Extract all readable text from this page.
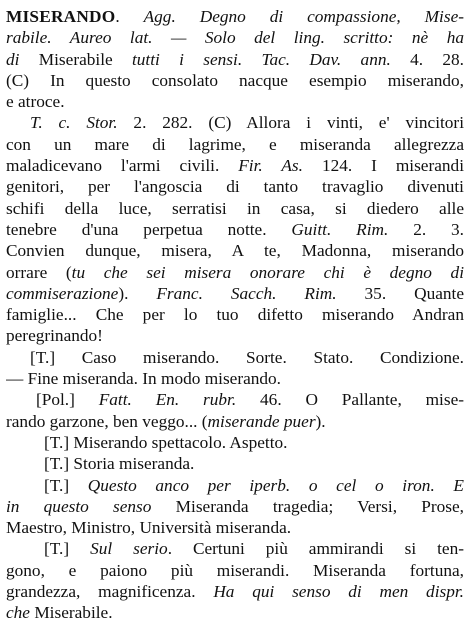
MISERANDO. Agg. Degno di compassione, Mise-
rabile. Aureo lat. — Solo del ling. scritto: nè ha
di Miserabile tutti i sensi. Tac. Dav. ann. 4. 28.
(C) In questo consolato nacque esempio miserando,
e atroce.
T. c. Stor. 2. 282. (C) Allora i vinti, e' vincitori
con un mare di lagrime, e miseranda allegrezza
maladicevano l'armi civili. Fir. As. 124. I miserandi
genitori, per l'angoscia di tanto travaglio divenuti
schifi della luce, serratisi in casa, si diedero alle
tenebre d'una perpetua notte. Guitt. Rim. 2. 3.
Convien dunque, misera, A te, Madonna, miserando
orrare (tu che sei misera onorare chi è degno di
commiserazione). Franc. Sacch. Rim. 35. Quante
famiglie... Che per lo tuo difetto miserando Andran
peregrinando!
[T.] Caso miserando. Sorte. Stato. Condizione.
— Fine miseranda. In modo miserando.
[Pol.] Fatt. En. rubr. 46. O Pallante, mise-
rando garzone, ben veggo... (miserande puer).
[T.] Miserando spettacolo. Aspetto.
[T.] Storia miseranda.
[T.] Questo anco per iperb. o cel o iron. E
in questo senso Miseranda tragedia; Versi, Prose,
Maestro, Ministro, Università miseranda.
[T.] Sul serio. Certuni più ammirandi si ten-
gono, e paiono più miserandi. Miseranda fortuna,
grandezza, magnificenza. Ha qui senso di men dispr.
che Miserabile.
